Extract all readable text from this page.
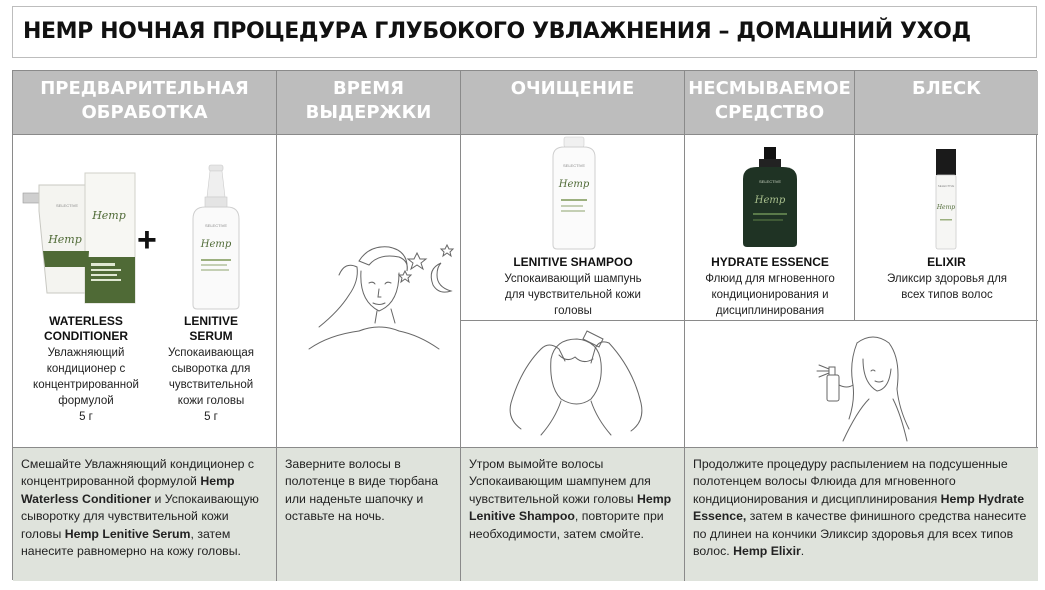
HEMP НОЧНАЯ ПРОЦЕДУРА ГЛУБОКОГО УВЛАЖНЕНИЯ – ДОМАШНИЙ УХОД
ПРЕДВАРИТЕЛЬНАЯ ОБРАБОТКА
ВРЕМЯ ВЫДЕРЖКИ
ОЧИЩЕНИЕ	НЕСМЫВАЕМОЕ СРЕДСТВО
БЛЕСК
Смешайте Увлажняющий кондиционер с концентрированной формулой Hemp Waterless Conditioner и Успокаивающую сыворотку для чувствительной кожи головы Hemp Lenitive Serum, затем нанесите равномерно на кожу головы.
Заверните волосы в полотенце в виде тюрбана или наденьте шапочку и оставьте на ночь.
Утром вымойте волосы Успокаивающим шампунем для чувствительной кожи головы Hemp Lenitive Shampoo, повторите при необходимости, затем смойте.
Продолжите процедуру распылением на подсушенные полотенцем волосы Флюида для мгновенного кондиционирования и дисциплинирования Hemp Hydrate Essence, затем в качестве финишного средства нанесите по длинеи на кончики Эликсир здоровья для всех типов волос. Hemp Elixir.
SELECTIVE
Hemp
Hemp
+	SELECTIVE
Hemp
WATERLESS CONDITIONER
Увлажняющий кондиционер с концентрированной формулой
5 г
LENITIVE SERUM
Успокаивающая сыворотка для чувствительной кожи головы
5 г
SELECTIVE
Hemp
LENITIVE SHAMPOO
Успокаивающий шампунь для чувствительной кожи головы
SELECTIVE
Hemp
HYDRATE ESSENCE
Флюид для мгновенного кондиционирования и дисциплинирования
SELECTIVE
Hemp
ELIXIR
Эликсир здоровья для всех типов волос
